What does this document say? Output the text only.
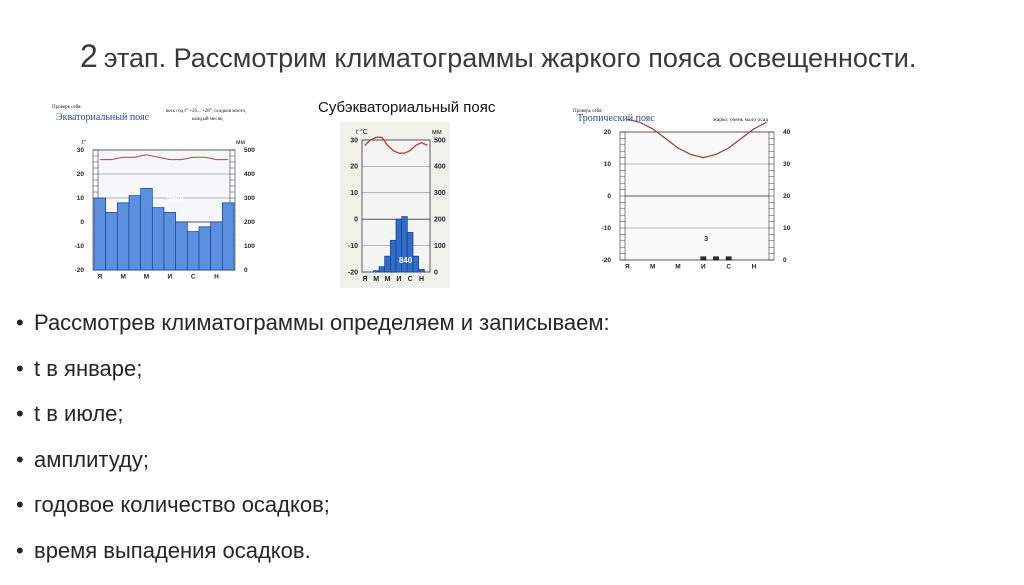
2 этап. Рассмотрим климатограммы жаркого пояса освещенности.
Проверь себя:
Экваториальный пояс
весь год t° +26... +28°, осадков много,
каждый месяц
30
20
10
0
-10
-20
500
400
300
200
100
0
t°	мм
2860
Я	М	М	И	С	Н
Субэкваториальный пояс
30
20
10
0
-10
-20
500
400
300
200
100
0
t °C	мм
840
Я М М И С Н
Проверь себя:
Тропический пояс	жарко; очень мало осад
20
10
0
-10
-20
40
30
20
10
0
3
Я	М	М	И	С	Н
• Рассмотрев климатограммы определяем и записываем:
• t в январе;
• t в июле;
• амплитуду;
• годовое количество осадков;
• время выпадения осадков.
